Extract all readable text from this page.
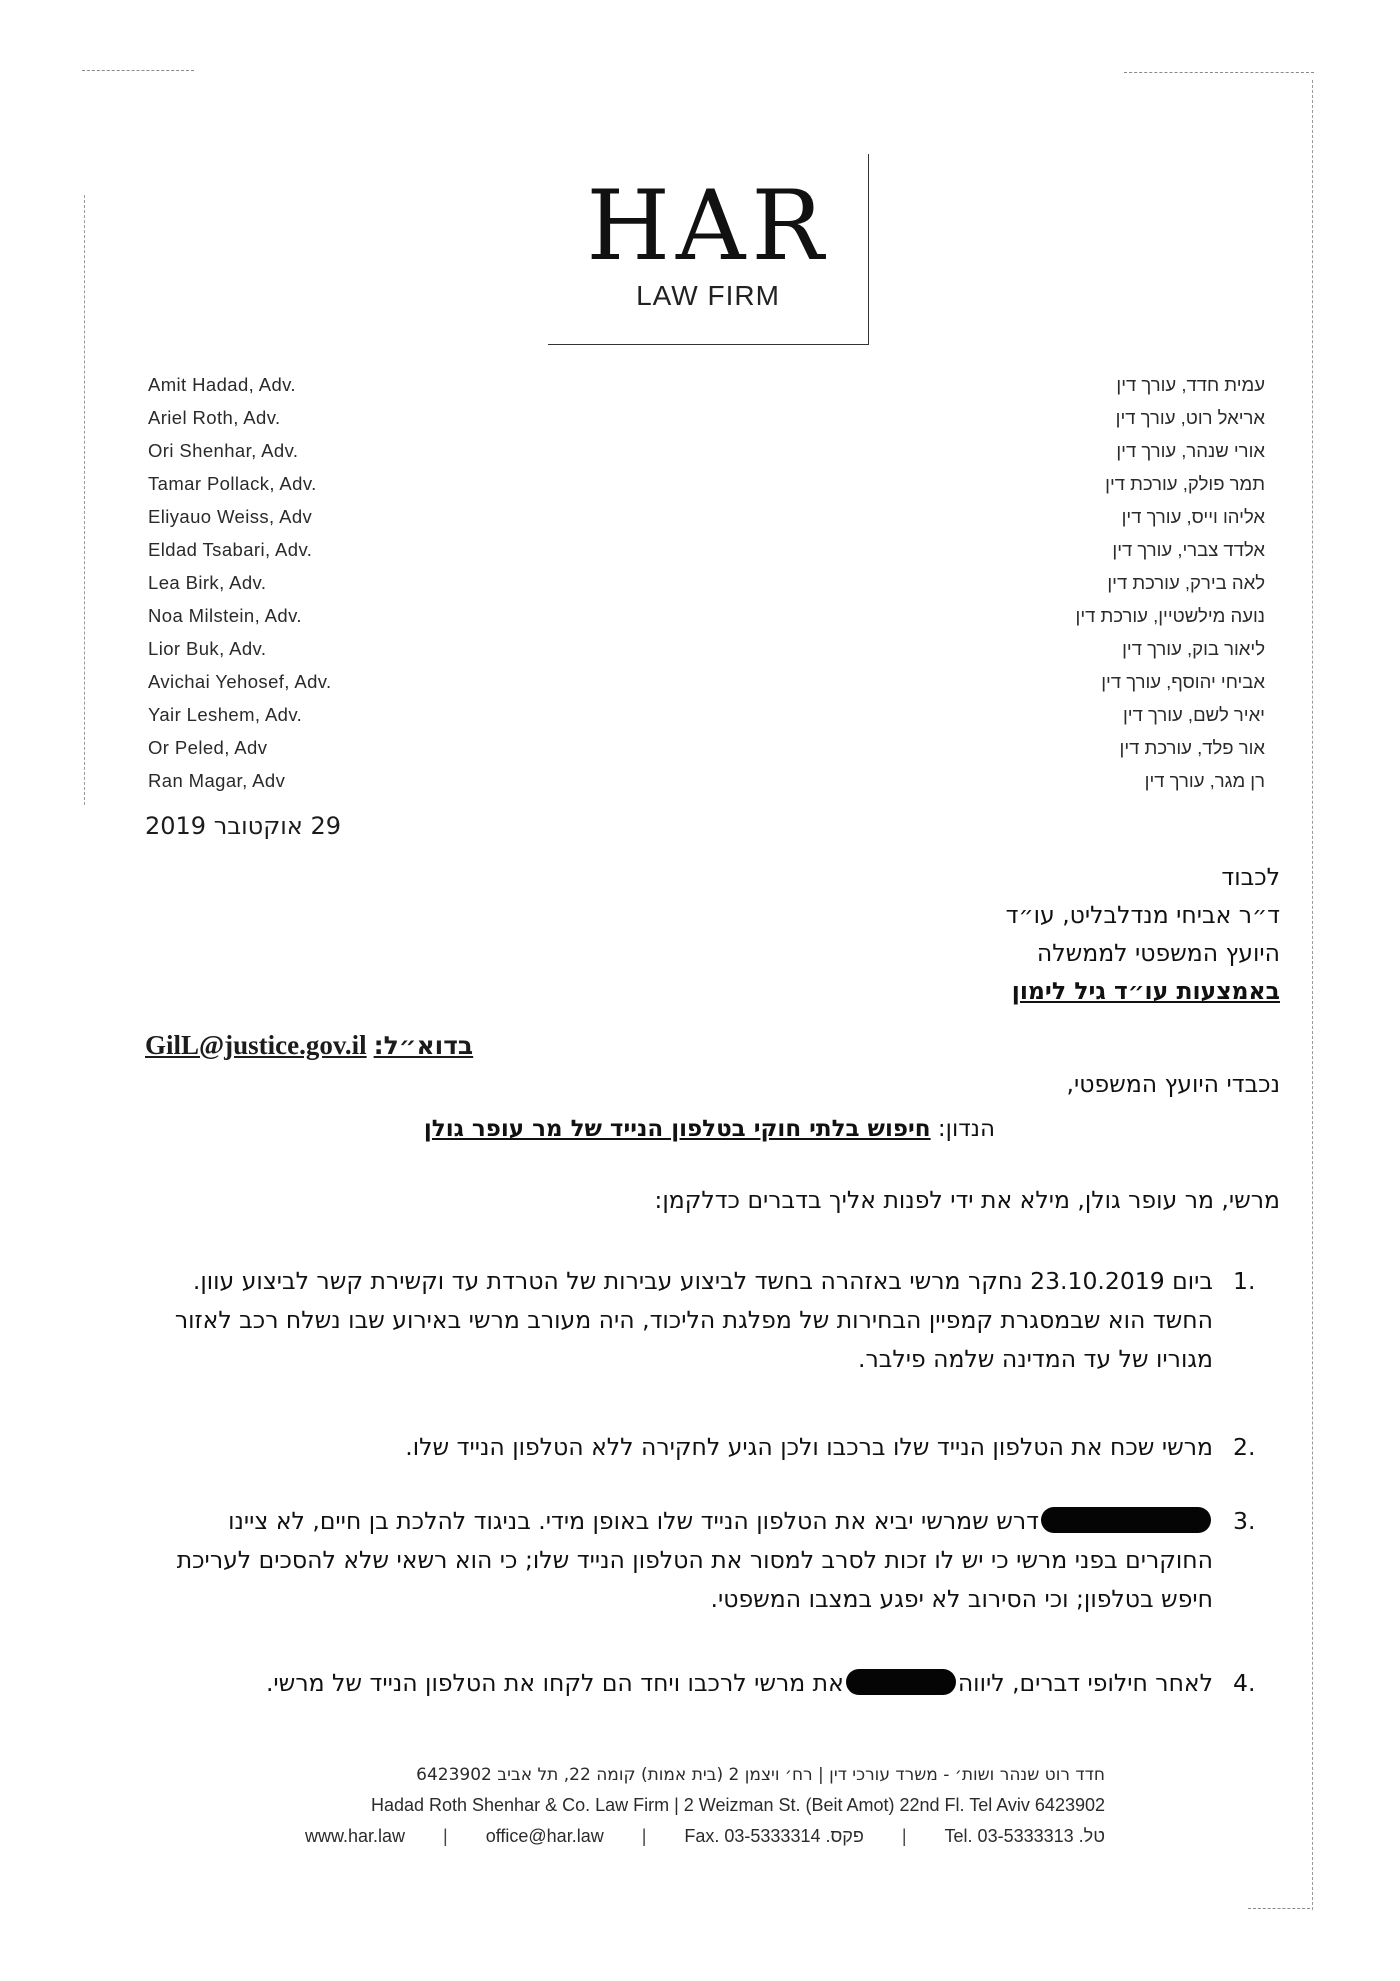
HAR
LAW FIRM
Amit Hadad, Adv.
Ariel Roth, Adv.
Ori Shenhar, Adv.
Tamar Pollack, Adv.
Eliyauo Weiss, Adv
Eldad Tsabari, Adv.
Lea Birk, Adv.
Noa Milstein, Adv.
Lior Buk, Adv.
Avichai Yehosef, Adv.
Yair Leshem, Adv.
Or Peled, Adv
Ran Magar, Adv
עמית חדד, עורך דין
אריאל רוט, עורך דין
אורי שנהר, עורך דין
תמר פולק, עורכת דין
אליהו וייס, עורך דין
אלדד צברי, עורך דין
לאה בירק, עורכת דין
נועה מילשטיין, עורכת דין
ליאור בוק, עורך דין
אביחי יהוסף, עורך דין
יאיר לשם, עורך דין
אור פלד, עורכת דין
רן מגר, עורך דין
29 אוקטובר 2019
לכבוד
ד״ר אביחי מנדלבליט, עו״ד
היועץ המשפטי לממשלה
באמצעות עו״ד גיל לימון
GilL@justice.gov.il בדוא״ל:
נכבדי היועץ המשפטי,
הנדון: חיפוש בלתי חוקי בטלפון הנייד של מר עופר גולן
מרשי, מר עופר גולן, מילא את ידי לפנות אליך בדברים כדלקמן:
1.
ביום 23.10.2019 נחקר מרשי באזהרה בחשד לביצוע עבירות של הטרדת עד וקשירת קשר לביצוע עוון. החשד הוא שבמסגרת קמפיין הבחירות של מפלגת הליכוד, היה מעורב מרשי באירוע שבו נשלח רכב לאזור מגוריו של עד המדינה שלמה פילבר.
2.
מרשי שכח את הטלפון הנייד שלו ברכבו ולכן הגיע לחקירה ללא הטלפון הנייד שלו.
3.
דרש שמרשי יביא את הטלפון הנייד שלו באופן מידי. בניגוד להלכת בן חיים, לא ציינו החוקרים בפני מרשי כי יש לו זכות לסרב למסור את הטלפון הנייד שלו; כי הוא רשאי שלא להסכים לעריכת חיפש בטלפון; וכי הסירוב לא יפגע במצבו המשפטי.
4.
לאחר חילופי דברים, ליווהאת מרשי לרכבו ויחד הם לקחו את הטלפון הנייד של מרשי.
חדד רוט שנהר ושות׳ - משרד עורכי דין | רח׳ ויצמן 2 (בית אמות) קומה 22, תל אביב 6423902
Hadad Roth Shenhar & Co. Law Firm | 2 Weizman St. (Beit Amot) 22nd Fl. Tel Aviv 6423902
www.har.law | office@har.law | Fax. 03-5333314 .פקס | Tel. 03-5333313 .טל
